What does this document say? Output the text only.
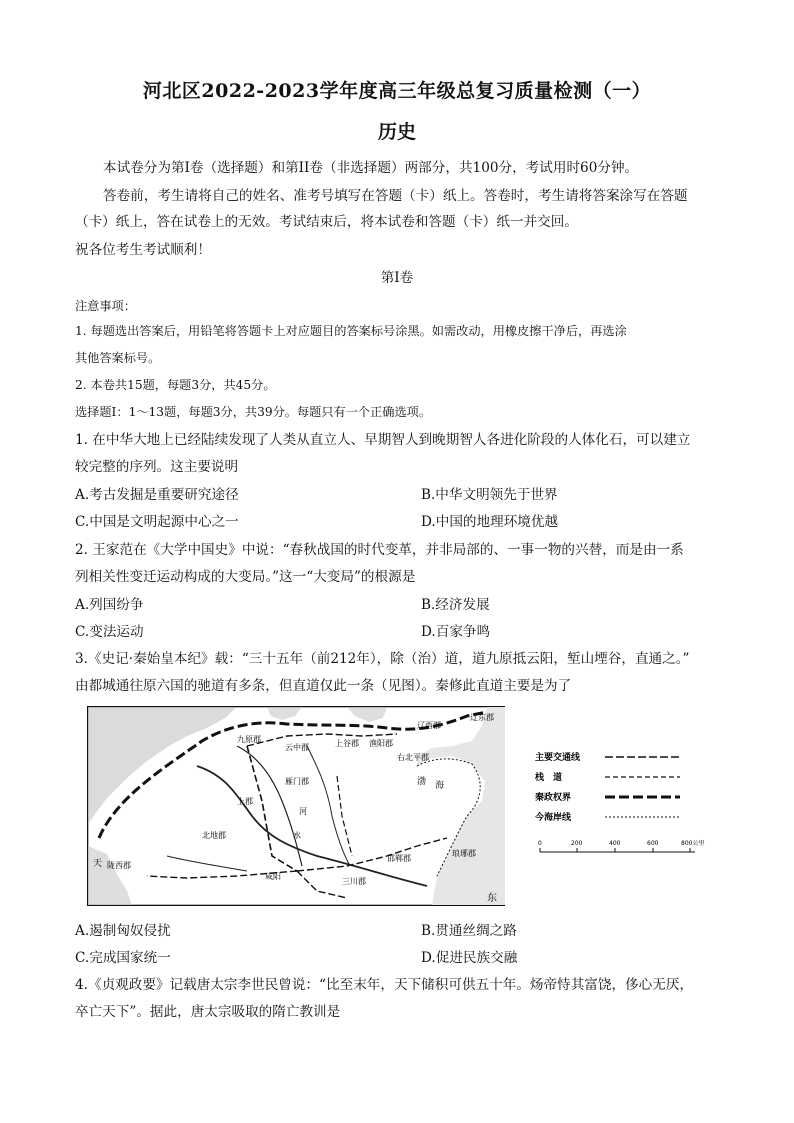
河北区2022-2023学年度高三年级总复习质量检测（一）
历史
本试卷分为第I卷（选择题）和第II卷（非选择题）两部分，共100分，考试用时60分钟。
答卷前，考生请将自己的姓名、准考号填写在答题（卡）纸上。答卷时，考生请将答案涂写在答题
（卡）纸上，答在试卷上的无效。考试结束后，将本试卷和答题（卡）纸一并交回。
祝各位考生考试顺利！
第I卷
注意事项：
1. 每题选出答案后，用铅笔将答题卡上对应题目的答案标号涂黑。如需改动，用橡皮擦干净后，再选涂
其他答案标号。
2. 本卷共15题，每题3分，共45分。
选择题Ⅰ：1～13题，每题3分，共39分。每题只有一个正确选项。
1. 在中华大地上已经陆续发现了人类从直立人、早期智人到晚期智人各进化阶段的人体化石，可以建立
较完整的序列。这主要说明
A.考古发掘是重要研究途径	B.中华文明领先于世界
C.中国是文明起源中心之一	D.中国的地理环境优越
2. 王家范在《大学中国史》中说：“春秋战国的时代变革，并非局部的、一事一物的兴替，而是由一系
列相关性变迁运动构成的大变局。”这一“大变局”的根源是
A.列国纷争	B.经济发展
C.变法运动	D.百家争鸣
3.《史记·秦始皇本纪》载：“三十五年（前212年），除（治）道，道九原抵云阳，堑山堙谷，直通之。”
由都城通往原六国的驰道有多条，但直道仅此一条（见图）。秦修此直道主要是为了
九原郡
云中郡
雁门郡
上谷郡 渔阳郡
右北平郡
辽西郡
辽东郡
上郡
北地郡
三川郡
邯郸郡
咸阳
渤 海
琅琊郡
东
河
水
天 陇西郡
主要交通线
栈　道
秦政权界
今海岸线
0	200	400	600	800公里
A.遏制匈奴侵扰	B.贯通丝绸之路
C.完成国家统一	D.促进民族交融
4.《贞观政要》记载唐太宗李世民曾说：“比至末年，天下储积可供五十年。炀帝恃其富饶，侈心无厌，
卒亡天下”。据此，唐太宗吸取的隋亡教训是
